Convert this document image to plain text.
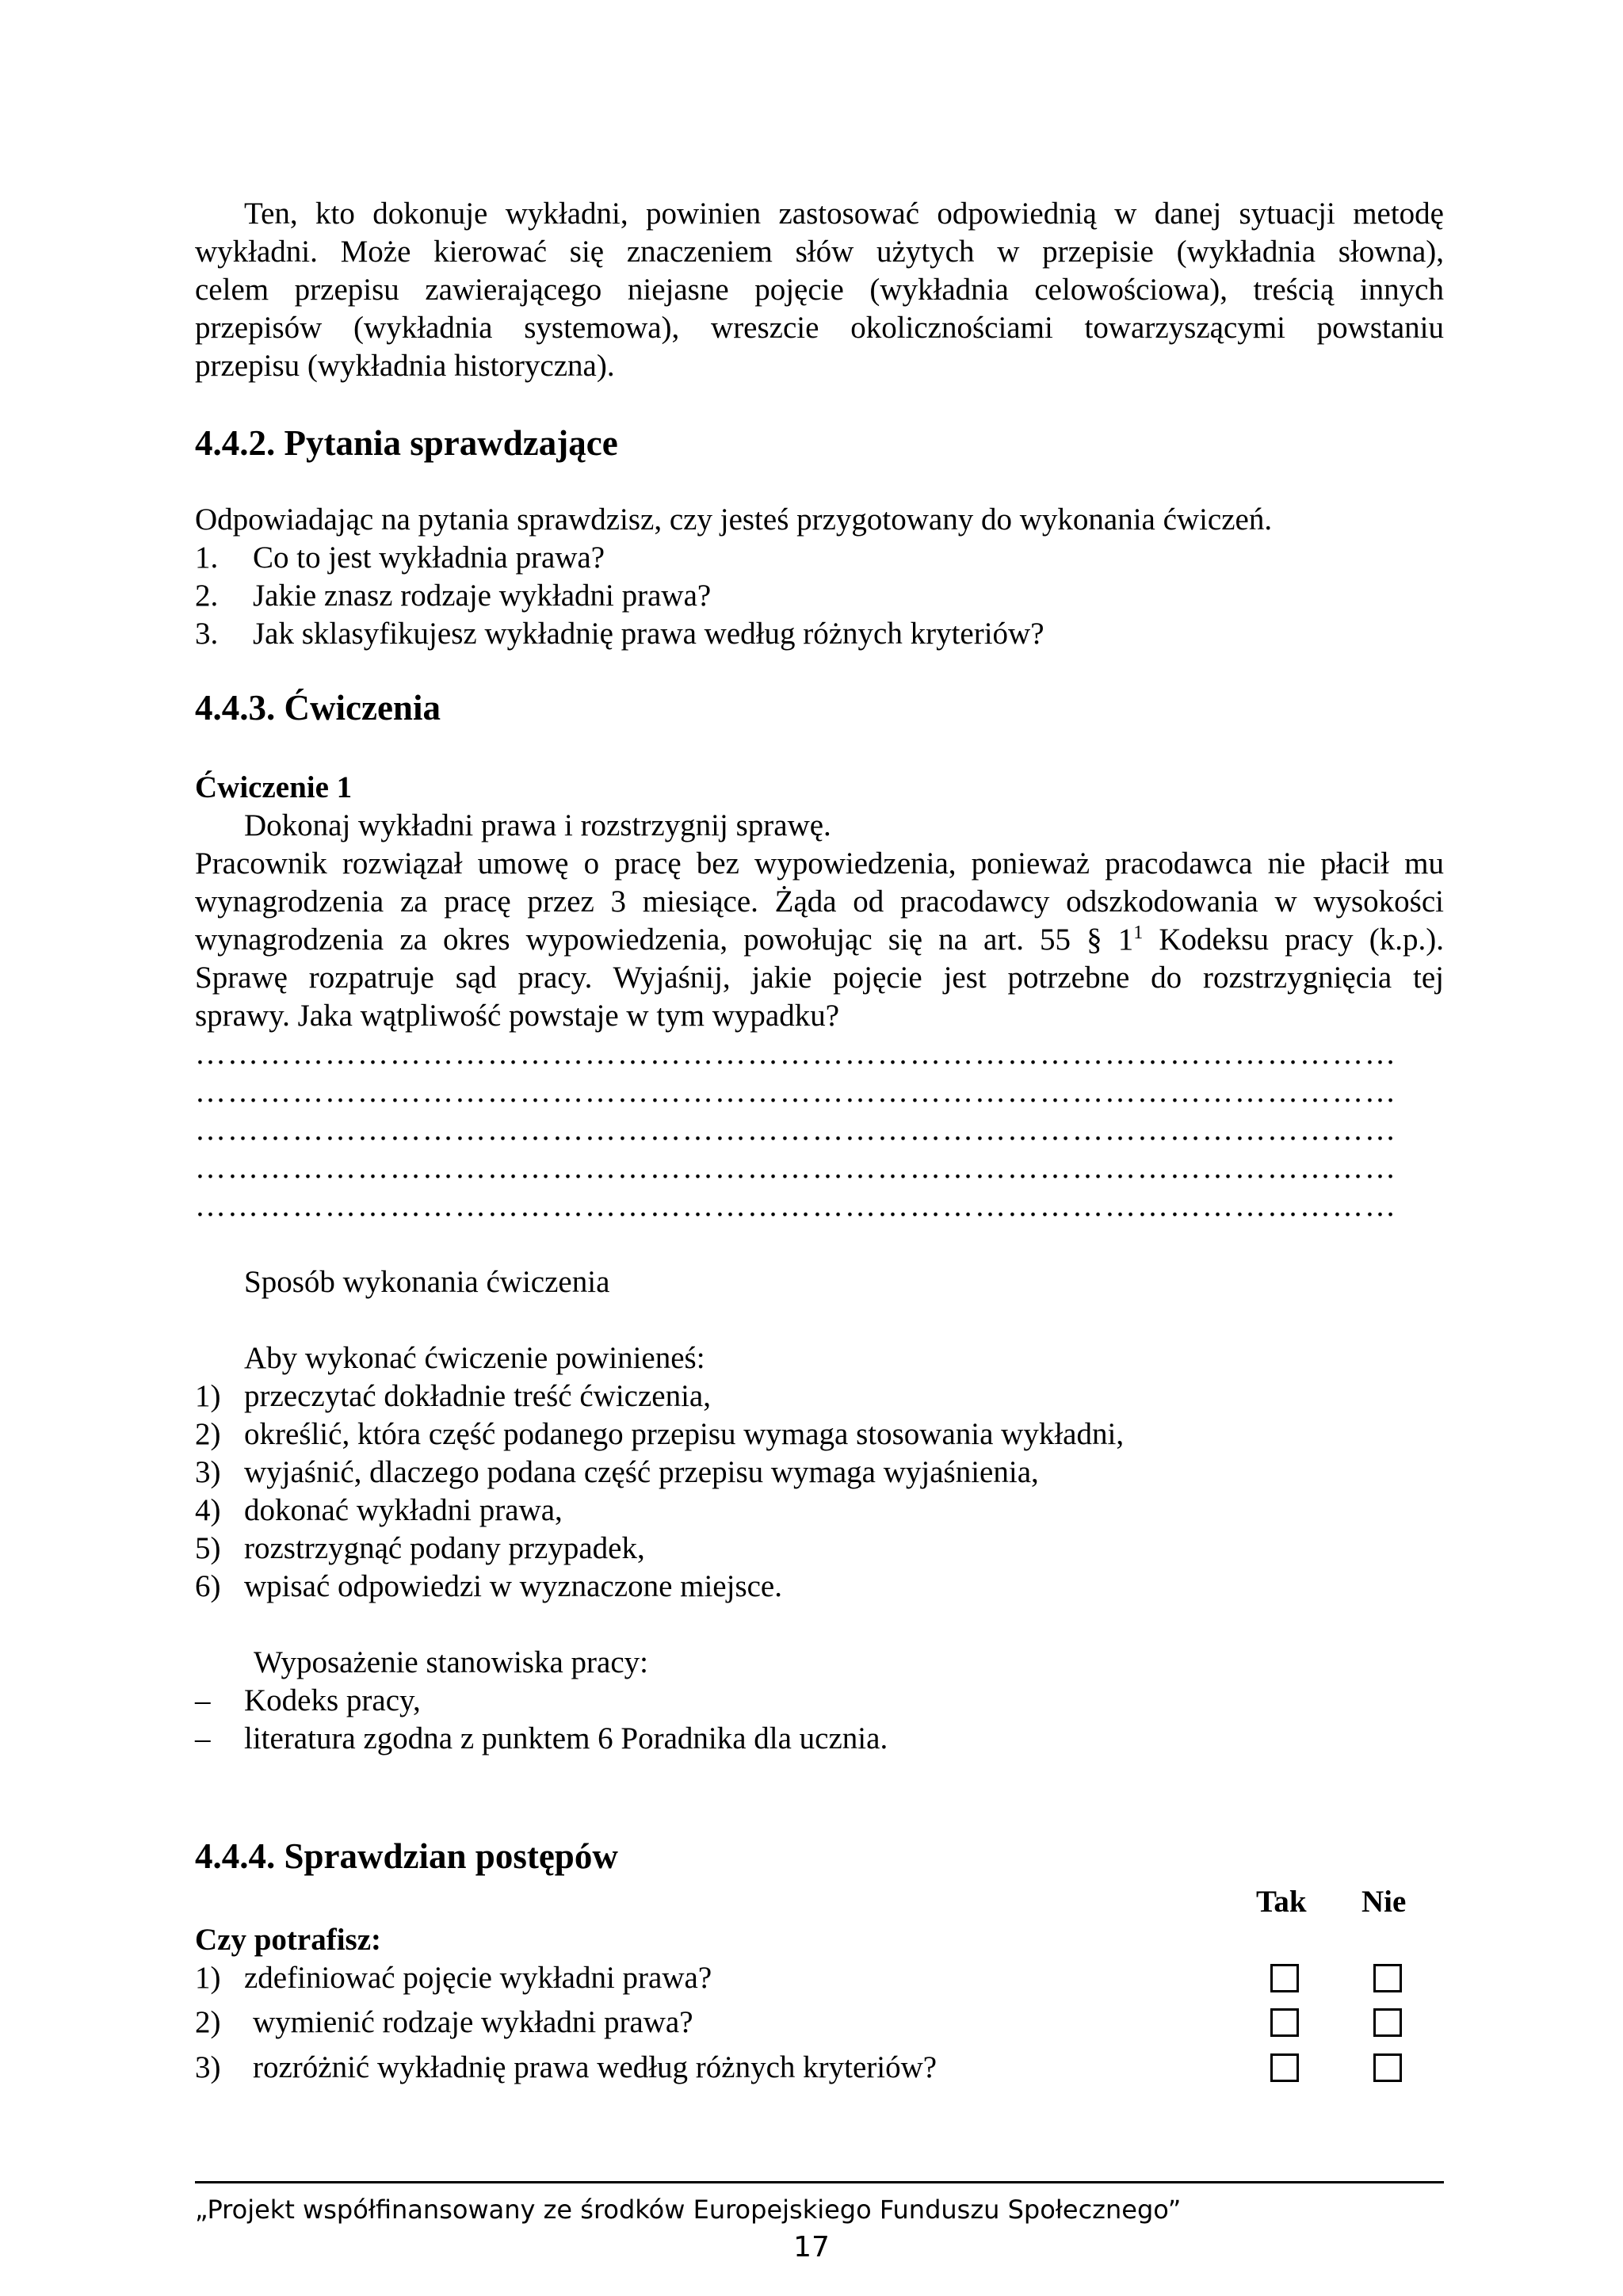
Ten, kto dokonuje wykładni, powinien zastosować odpowiednią w danej sytuacji metodę
wykładni. Może kierować się znaczeniem słów użytych w przepisie (wykładnia słowna),
celem przepisu zawierającego niejasne pojęcie (wykładnia celowościowa), treścią innych
przepisów (wykładnia systemowa), wreszcie okolicznościami towarzyszącymi powstaniu
przepisu (wykładnia historyczna).
4.4.2. Pytania sprawdzające
Odpowiadając na pytania sprawdzisz, czy jesteś przygotowany do wykonania ćwiczeń.
1. Co to jest wykładnia prawa?
2. Jakie znasz rodzaje wykładni prawa?
3. Jak sklasyfikujesz wykładnię prawa według różnych kryteriów?
4.4.3. Ćwiczenia
Ćwiczenie 1
Dokonaj wykładni prawa i rozstrzygnij sprawę.
Pracownik rozwiązał umowę o pracę bez wypowiedzenia, ponieważ pracodawca nie płacił mu
wynagrodzenia za pracę przez 3 miesiące. Żąda od pracodawcy odszkodowania w wysokości
wynagrodzenia za okres wypowiedzenia, powołując się na art. 55 § $1^1$ Kodeksu pracy (k.p.).
Sprawę rozpatruje sąd pracy. Wyjaśnij, jakie pojęcie jest potrzebne do rozstrzygnięcia tej
sprawy. Jaka wątpliwość powstaje w tym wypadku?
…………………………………………………………………………………………………
…………………………………………………………………………………………………
…………………………………………………………………………………………………
…………………………………………………………………………………………………
…………………………………………………………………………………………………
Sposób wykonania ćwiczenia
Aby wykonać ćwiczenie powinieneś:
1) przeczytać dokładnie treść ćwiczenia,
2) określić, która część podanego przepisu wymaga stosowania wykładni,
3) wyjaśnić, dlaczego podana część przepisu wymaga wyjaśnienia,
4) dokonać wykładni prawa,
5) rozstrzygnąć podany przypadek,
6) wpisać odpowiedzi w wyznaczone miejsce.
Wyposażenie stanowiska pracy:
– Kodeks pracy,
– literatura zgodna z punktem 6 Poradnika dla ucznia.
4.4.4. Sprawdzian postępów
Tak Nie
Czy potrafisz:
1) zdefiniować pojęcie wykładni prawa?
2) wymienić rodzaje wykładni prawa?
3) rozróżnić wykładnię prawa według różnych kryteriów?
„Projekt współfinansowany ze środków Europejskiego Funduszu Społecznego”
17
